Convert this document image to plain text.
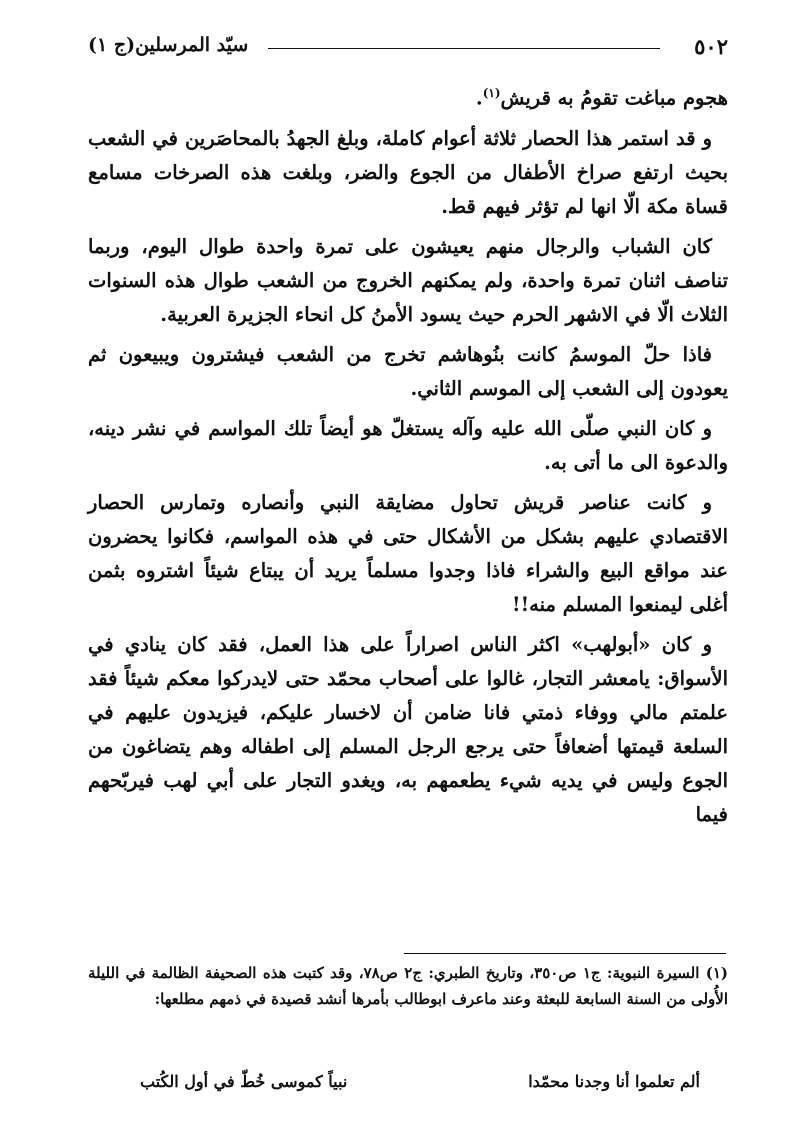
٥٠٢
سيّد المرسلين(ج ١)

هجوم مباغت تقومُ به قريش$^{(١)}$.

و قد استمر هذا الحصار ثلاثة أعوام كاملة، وبلغ الجهدُ بالمحاصَرين في الشعب بحيث ارتفع صراخ الأطفال من الجوع والضر، وبلغت هذه الصرخات مسامع قساة مكة الّا انها لم تؤثر فيهم قط.

كان الشباب والرجال منهم يعيشون على تمرة واحدة طوال اليوم، وربما تناصف اثنان تمرة واحدة، ولم يمكنهم الخروج من الشعب طوال هذه السنوات الثلاث الّا في الاشهر الحرم حيث يسود الأمنُ كل انحاء الجزيرة العربية.

فاذا حلّ الموسمُ كانت بنُوهاشم تخرج من الشعب فيشترون ويبيعون ثم يعودون إلى الشعب إلى الموسم الثاني.

و كان النبي صلّى الله عليه وآله يستغلّ هو أيضاً تلك المواسم في نشر دينه، والدعوة الى ما أتى به.

و كانت عناصر قريش تحاول مضايقة النبي وأنصاره وتمارس الحصار الاقتصادي عليهم بشكل من الأشكال حتى في هذه المواسم، فكانوا يحضرون عند مواقع البيع والشراء فاذا وجدوا مسلماً يريد أن يبتاع شيئاً اشتروه بثمن أغلى ليمنعوا المسلم منه!!

و كان «أبولهب» اكثر الناس اصراراً على هذا العمل، فقد كان ينادي في الأسواق: يامعشر التجار، غالوا على أصحاب محمّد حتى لايدركوا معكم شيئاً فقد علمتم مالي ووفاء ذمتي فانا ضامن أن لاخسار عليكم، فيزيدون عليهم في السلعة قيمتها أضعافاً حتى يرجع الرجل المسلم إلى اطفاله وهم يتضاغون من الجوع وليس في يديه شيء يطعمهم به، ويغدو التجار على أبي لهب فيربّحهم فيما

(١) السيرة النبوية: ج١ ص٣٥٠، وتاريخ الطبري: ج٢ ص٧٨، وقد كتبت هذه الصحيفة الظالمة في الليلة الأُولى من السنة السابعة للبعثة وعند ماعرف ابوطالب بأمرها أنشد قصيدة في ذمهم مطلعها:
ألم تعلموا أنا وجدنا محمّدا
نبياً كموسى خُطّ في أول الكُتب
